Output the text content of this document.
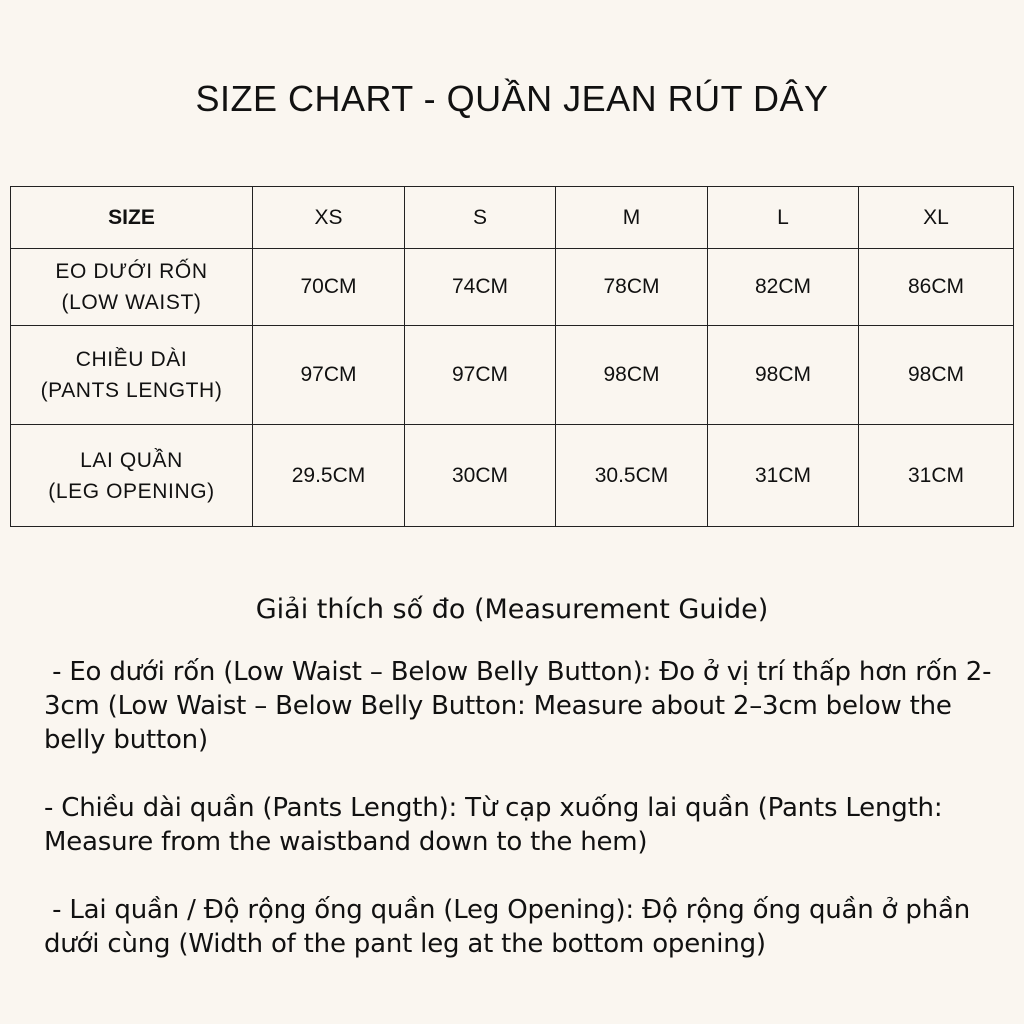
SIZE CHART - QUẦN JEAN RÚT DÂY
SIZE	XS	S	M	L	XL

EO DƯỚI RỐN
(LOW WAIST)	70CM	74CM	78CM	82CM	86CM

CHIỀU DÀI
(PANTS LENGTH)	97CM	97CM	98CM	98CM	98CM

LAI QUẦN
(LEG OPENING)	29.5CM	30CM	30.5CM	31CM	31CM
Giải thích số đo (Measurement Guide)
- Eo dưới rốn (Low Waist – Below Belly Button): Đo ở vị trí thấp hơn rốn 2-3cm (Low Waist – Below Belly Button: Measure about 2–3cm below the belly button)
- Chiều dài quần (Pants Length): Từ cạp xuống lai quần (Pants Length: Measure from the waistband down to the hem)
- Lai quần / Độ rộng ống quần (Leg Opening): Độ rộng ống quần ở phần dưới cùng (Width of the pant leg at the bottom opening)
